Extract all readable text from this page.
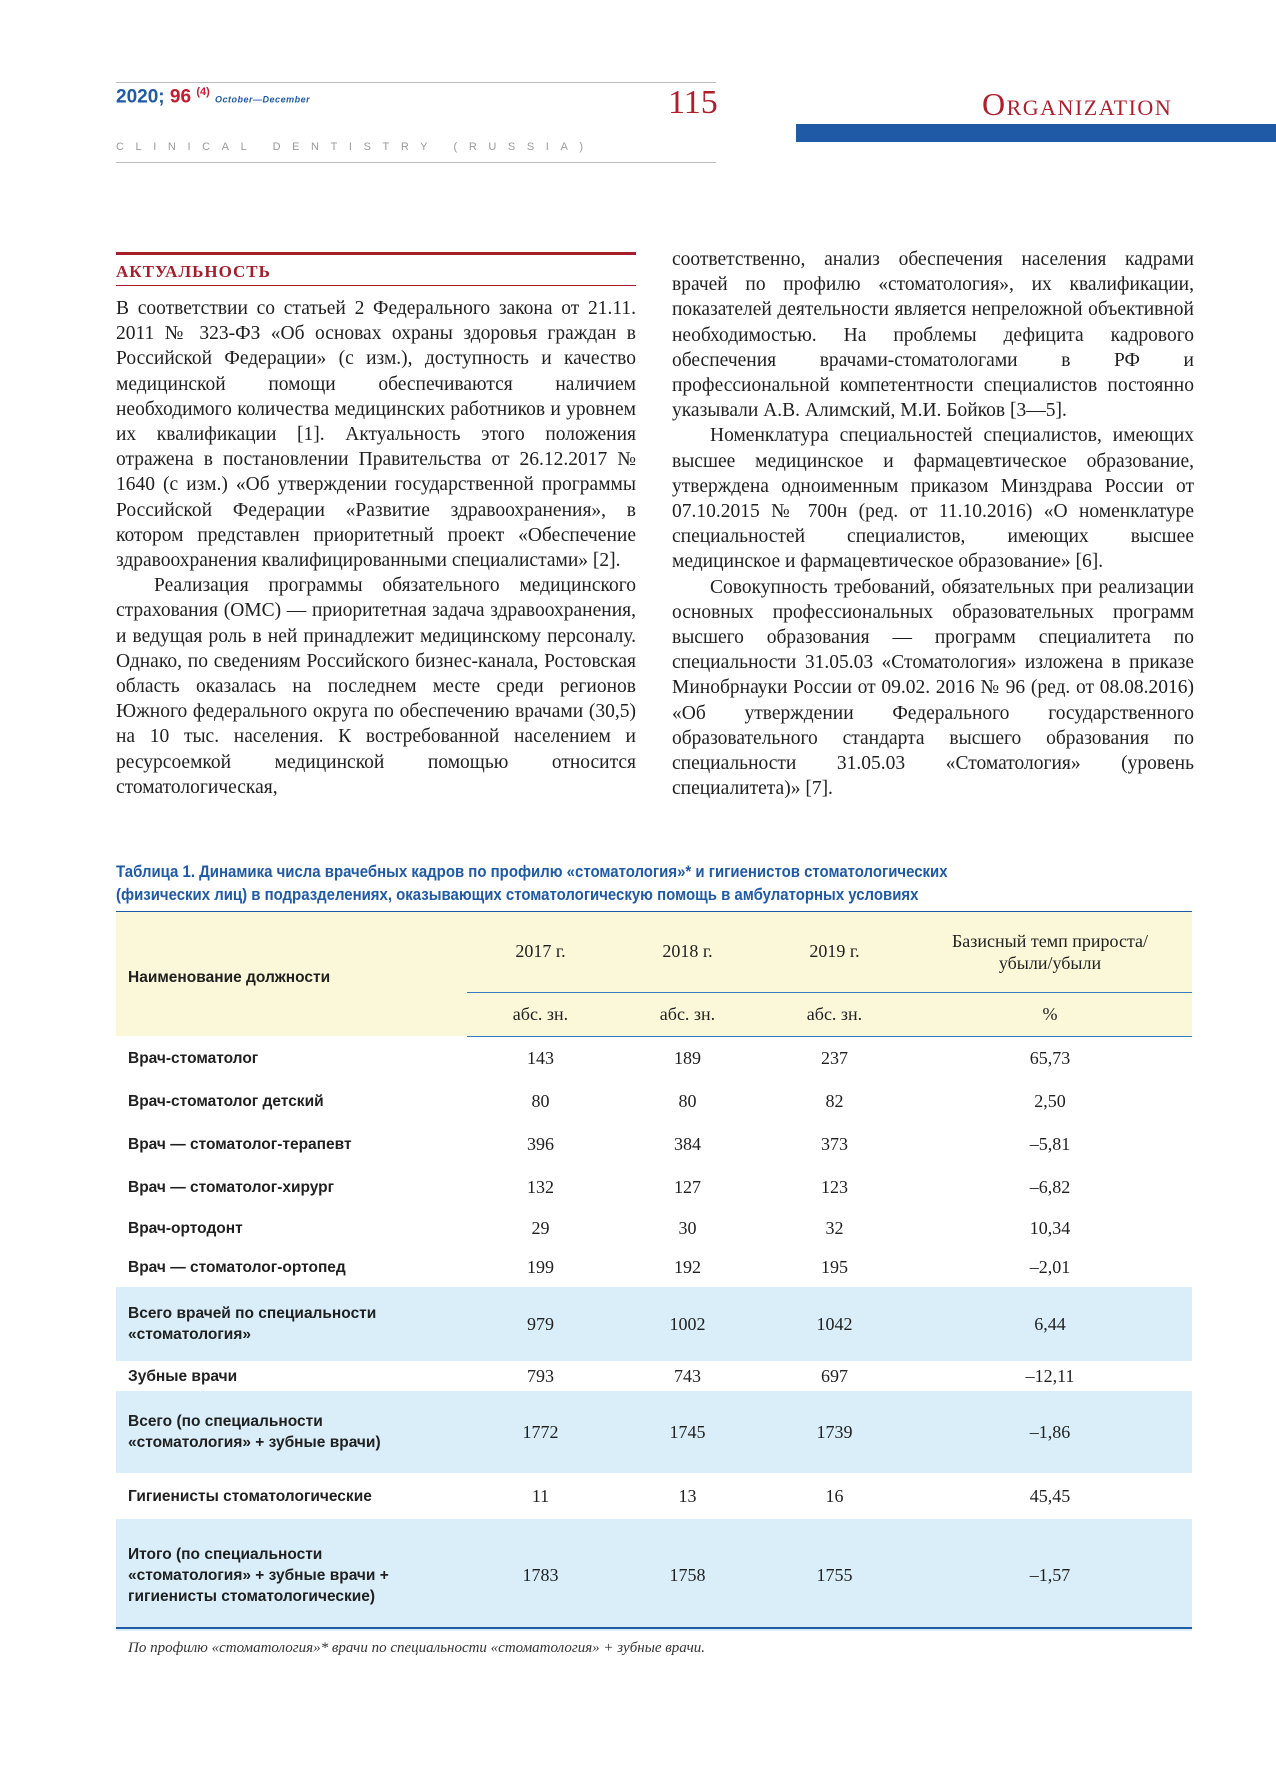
2020; 96 $^{(4)}$ October—December	115
CLINICAL DENTISTRY (RUSSIA)
Organization
АКТУАЛЬНОСТЬ

В соответствии со статьей 2 Федерального закона от 21.11. 2011 № 323-ФЗ «Об основах охраны здоровья граждан в Российской Федерации» (с изм.), доступность и качество медицинской помощи обеспечиваются наличием необходимого количества медицинских работников и уровнем их квалификации [1]. Актуальность этого положения отражена в постановлении Правительства от 26.12.2017 № 1640 (с изм.) «Об утверждении государственной программы Российской Федерации «Развитие здравоохранения», в котором представлен приоритетный проект «Обеспечение здравоохранения квалифицированными специалистами» [2].

Реализация программы обязательного медицинского страхования (ОМС) — приоритетная задача здравоохранения, и ведущая роль в ней принадлежит медицинскому персоналу. Однако, по сведениям Российского бизнес-канала, Ростовская область оказалась на последнем месте среди регионов Южного федерального округа по обеспечению врачами (30,5) на 10 тыс. населения. К востребованной населением и ресурсоемкой медицинской помощью относится стоматологическая,

соответственно, анализ обеспечения населения кадрами врачей по профилю «стоматология», их квалификации, показателей деятельности является непреложной объективной необходимостью. На проблемы дефицита кадрового обеспечения врачами-стоматологами в РФ и профессиональной компетентности специалистов постоянно указывали А.В. Алимский, М.И. Бойков [3—5].

Номенклатура специальностей специалистов, имеющих высшее медицинское и фармацевтическое образование, утверждена одноименным приказом Минздрава России от 07.10.2015 № 700н (ред. от 11.10.2016) «О номенклатуре специальностей специалистов, имеющих высшее медицинское и фармацевтическое образование» [6].

Совокупность требований, обязательных при реализации основных профессиональных образовательных программ высшего образования — программ специалитета по специальности 31.05.03 «Стоматология» изложена в приказе Минобрнауки России от 09.02. 2016 № 96 (ред. от 08.08.2016) «Об утверждении Федерального государственного образовательного стандарта высшего образования по специальности 31.05.03 «Стоматология» (уровень специалитета)» [7].

Таблица 1. Динамика числа врачебных кадров по профилю «стоматология»* и гигиенистов стоматологических
(физических лиц) в подразделениях, оказывающих стоматологическую помощь в амбулаторных условиях
Наименование должности	2017 г.	2018 г.	2019 г.	Базисный темп прироста/ убыли/убыли
	абс. зн.	абс. зн.	абс. зн.	%
Врач-стоматолог	143	189	237	65,73
Врач-стоматолог детский	80	80	82	2,50
Врач — стоматолог-терапевт	396	384	373	–5,81
Врач — стоматолог-хирург	132	127	123	–6,82
Врач-ортодонт	29	30	32	10,34
Врач — стоматолог-ортопед	199	192	195	–2,01
Всего врачей по специальности «стоматология»	979	1002	1042	6,44
Зубные врачи	793	743	697	–12,11
Всего (по специальности «стоматология» + зубные врачи)	1772	1745	1739	–1,86
Гигиенисты стоматологические	11	13	16	45,45
Итого (по специальности «стоматология» + зубные врачи + гигиенисты стоматологические)	1783	1758	1755	–1,57
По профилю «стоматология»* врачи по специальности «стоматология» + зубные врачи.
